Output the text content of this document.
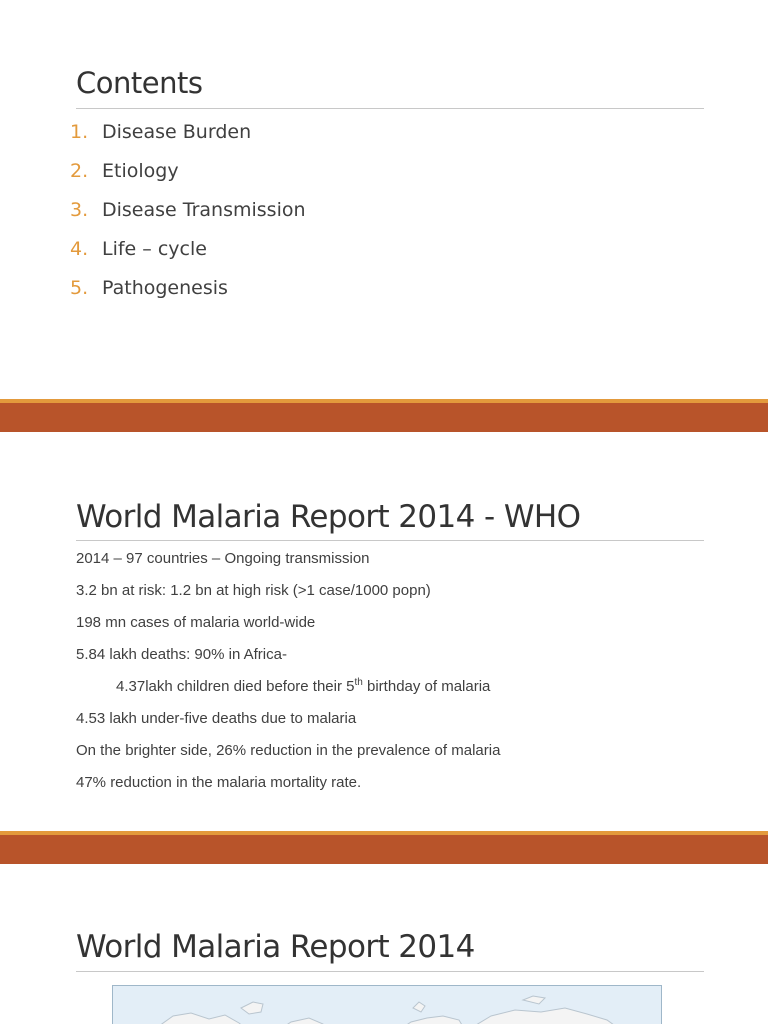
Contents
1. Disease Burden
2. Etiology
3. Disease Transmission
4. Life – cycle
5. Pathogenesis
World Malaria Report 2014 - WHO
2014 – 97 countries – Ongoing transmission
3.2 bn at risk: 1.2 bn at high risk (>1 case/1000 popn)
198 mn cases of malaria world-wide
5.84 lakh deaths: 90% in Africa-
4.37lakh children died before their 5th birthday of malaria
4.53 lakh under-five deaths due to malaria
On the brighter side, 26% reduction in the prevalence of malaria
47% reduction in the malaria mortality rate.
World Malaria Report 2014
